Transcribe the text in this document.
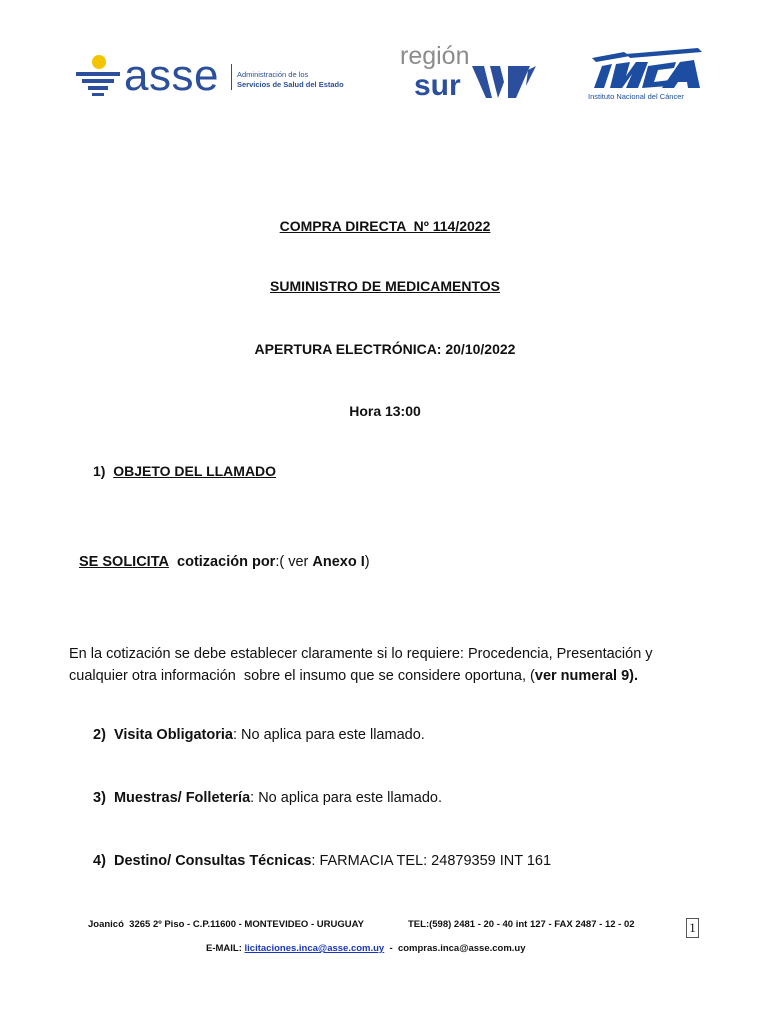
asse Administración de los
Servicios de Salud del Estado
región
sur	Instituto Nacional del Cáncer
COMPRA DIRECTA  Nº 114/2022
SUMINISTRO DE MEDICAMENTOS
APERTURA ELECTRÓNICA: 20/10/2022
Hora 13:00
1) OBJETO DEL LLAMADO
SE SOLICITA cotización por:( ver Anexo I)
En la cotización se debe establecer claramente si lo requiere: Procedencia, Presentación y
cualquier otra información  sobre el insumo que se considere oportuna, (ver numeral 9).
2) Visita Obligatoria: No aplica para este llamado.
3) Muestras/ Folletería: No aplica para este llamado.
4) Destino/ Consultas Técnicas: FARMACIA TEL: 24879359 INT 161
Joanicó  3265 2º Piso - C.P.11600 - MONTEVIDEO - URUGUAY	TEL:(598) 2481 - 20 - 40 int 127 - FAX 2487 - 12 - 02	1
E-MAIL: licitaciones.inca@asse.com.uy  -  compras.inca@asse.com.uy
